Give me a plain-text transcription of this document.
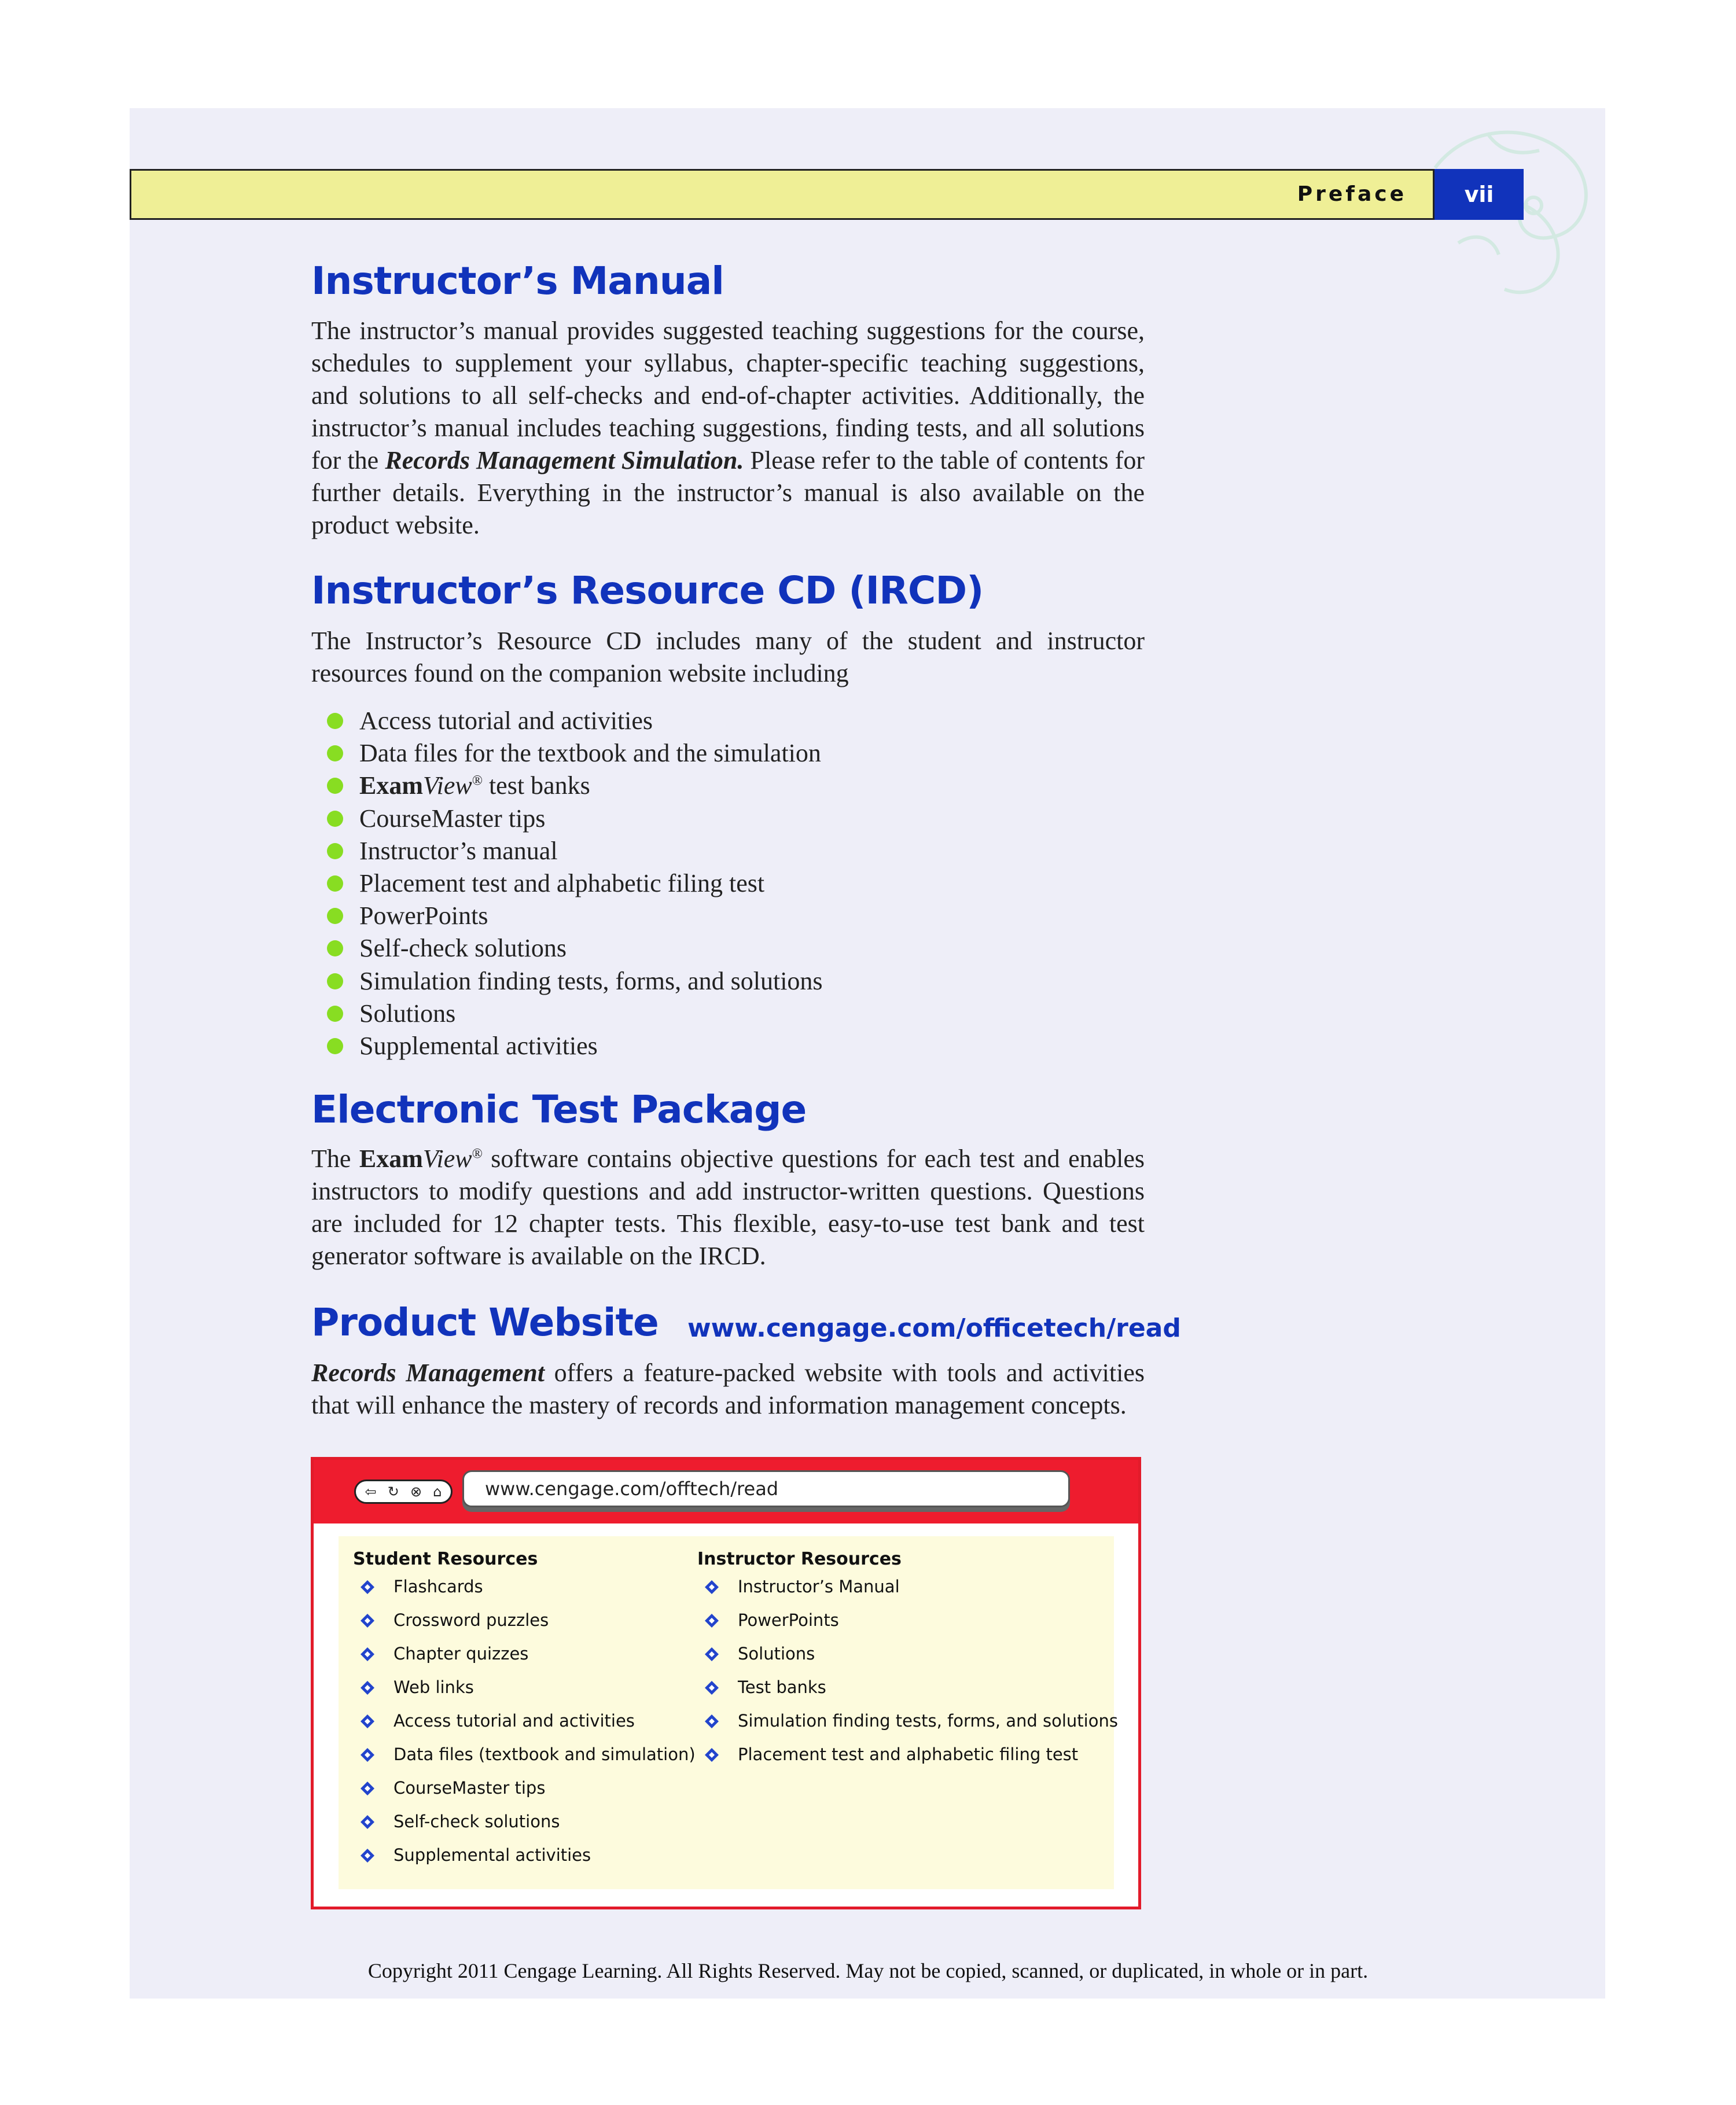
Preface	vii
Instructor’s Manual

The instructor’s manual provides suggested teaching suggestions for the course, schedules to supplement your syllabus, chapter-specific teaching suggestions, and solutions to all self-checks and end-of-chapter activities. Additionally, the instructor’s manual includes teaching suggestions, finding tests, and all solutions for the Records Management Simulation. Please refer to the table of contents for further details. Everything in the instructor’s manual is also available on the product website.

Instructor’s Resource CD (IRCD)

The Instructor’s Resource CD includes many of the student and instructor resources found on the companion website including

Access tutorial and activities
Data files for the textbook and the simulation
ExamView® test banks
CourseMaster tips
Instructor’s manual
Placement test and alphabetic filing test
PowerPoints
Self-check solutions
Simulation finding tests, forms, and solutions
Solutions
Supplemental activities
Electronic Test Package

The ExamView® software contains objective questions for each test and enables instructors to modify questions and add instructor-written questions. Questions are included for 12 chapter tests. This flexible, easy-to-use test bank and test generator software is available on the IRCD.

Product Website www.cengage.com/officetech/read

Records Management offers a feature-packed website with tools and activities that will enhance the mastery of records and information management concepts.

⇦ ↻ ⊗ ⌂	www.cengage.com/offtech/read

Student Resources

Flashcards
Crossword puzzles
Chapter quizzes
Web links
Access tutorial and activities
Data files (textbook and simulation)
CourseMaster tips
Self-check solutions
Supplemental activities

Instructor Resources

Instructor’s Manual
PowerPoints
Solutions
Test banks
Simulation finding tests, forms, and solutions
Placement test and alphabetic filing test
Copyright 2011 Cengage Learning. All Rights Reserved. May not be copied, scanned, or duplicated, in whole or in part.
